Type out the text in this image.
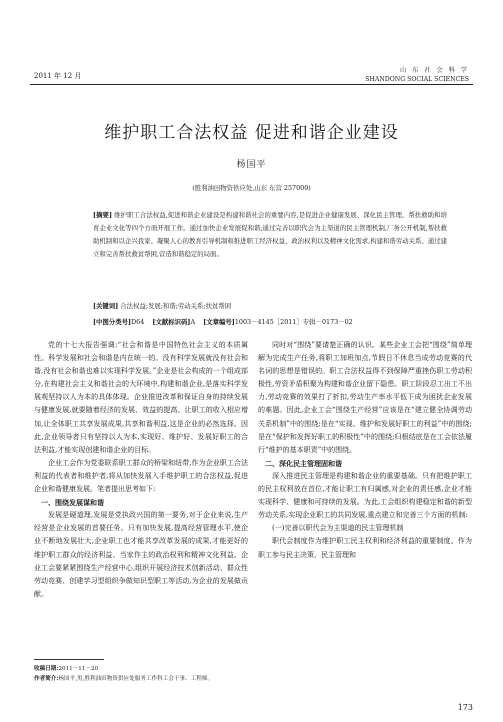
2011 年 12 月
山 东 社 会 科 学
SHANDONG SOCIAL SCIENCES
维护职工合法权益 促进和谐企业建设
杨国平
(胜利油田物资供应处,山东 东营 257000)
[摘要] 维护职工合法权益,促进和谐企业建设是构建和谐社会的重要内容,是促进企业健康发展、深化民主管理、帮扶救助和培育企业文化等四个方面开展工作。通过加快企业发展促和谐,通过完善以职代会为主渠道的民主管理机制,厂务公开机制,帮扶救助机制和以企兴我家、凝聚人心的教育引导机制和推进职工经济权益、政治权利以及精神文化需求,构建和谐劳动关系。通过建立和完善帮扶救贫帮困,营造和谐稳定的局面。
[关键词] 合法权益;发展;和谐;劳动关系;扶贫帮困
[中图分类号]D64 [文献标识码]A [文章编号]1003－4145［2011］专辑－0173－02

党的十七大报告强调:“社会和谐是中国特色社会主义的本质属性。科学发展和社会和谐是内在统一的。没有科学发展就没有社会和谐,没有社会和谐也难以实现科学发展。”企业是社会构成的一个组成部分,在构建社会主义和谐社会的大环境中,构建和谐企业,是落实科学发展观坚持以人为本的具体体现。企业推进改革和保证自身的持续发展与健康发展,就要随着经济的发展、效益的提高、让职工的收入相应增加,让全体职工共享发展成果,共享和谐利益,这是企业的必然选择。因此,企业领导者只有坚持以人为本,实现好、维护好、发展好职工的合法利益,才能实现创建和谐企业的目标。

企业工会作为党委联系职工群众的桥梁和纽带,作为企业职工合法利益的代表者和维护者,将从加快发展入手维护职工的合法权益,促进企业和谐健康发展。笔者提出思考如下:

一、围绕发展谋和谐

发展是硬道理,发展是党执政兴国的第一要务,对于企业来说,生产经营是企业发展的首要任务。只有加快发展,提高经营管理水平,使企业不断地发展壮大,企业职工也才能共享改革发展的成果,才能更好的维护职工群众的经济利益、当家作主的政治权利和精神文化利益。企业工会要紧紧围绕生产经营中心,组织开展经济技术创新活动、群众性劳动竞赛、创建学习型组织争做知识型职工等活动,为企业的发展做贡献。

同时对“围绕”要请楚正确的认识。某些企业工会把“围绕”简单理解为完成生产任务,将职工加班加点,节假日不休息当成劳动竞赛的代名词的思想是错误的。职工合法权益得不到保障严重挫伤职工劳动积极性,劳资矛盾积聚为构建和谐企业留下隐患。职工阶段忍工出工不出力,劳动竞赛的效果打了折扣,劳动生产率水平低下成为困扰企业发展的难题。因此,企业工会“围绕生产经营”应该是在“建立健全协调劳动关系机制”中的围绕;是在“实现、维护和发展好职工的利益”中的围绕;是在“保护和发挥好职工的积极性”中的围绕;归根结底是在工会依法履行“维护的基本职责”中的围绕。

二、深化民主管理固和谐

深入推进民主管理是构建和谐企业的重要基础。只有把维护职工的民主权利放在首位,才能让职工有归属感,对企业的责任感,企业才能实现科学、健康和可持续的发展。为此,工会组织构建稳定和谐的新型劳动关系,实现企业职工的共同发展,重点建立和完善三个方面的机制:

(一)完善以职代会为主渠道的民主管理机制

职代会制度作为维护职工民主权利和经济利益的重要制度。作为职工参与民主决策、民主管理和

收稿日期:2011－11－20
作者简介:杨国平,男,胜利油田物资供应处服务工作科工会干事、工程师。
173
